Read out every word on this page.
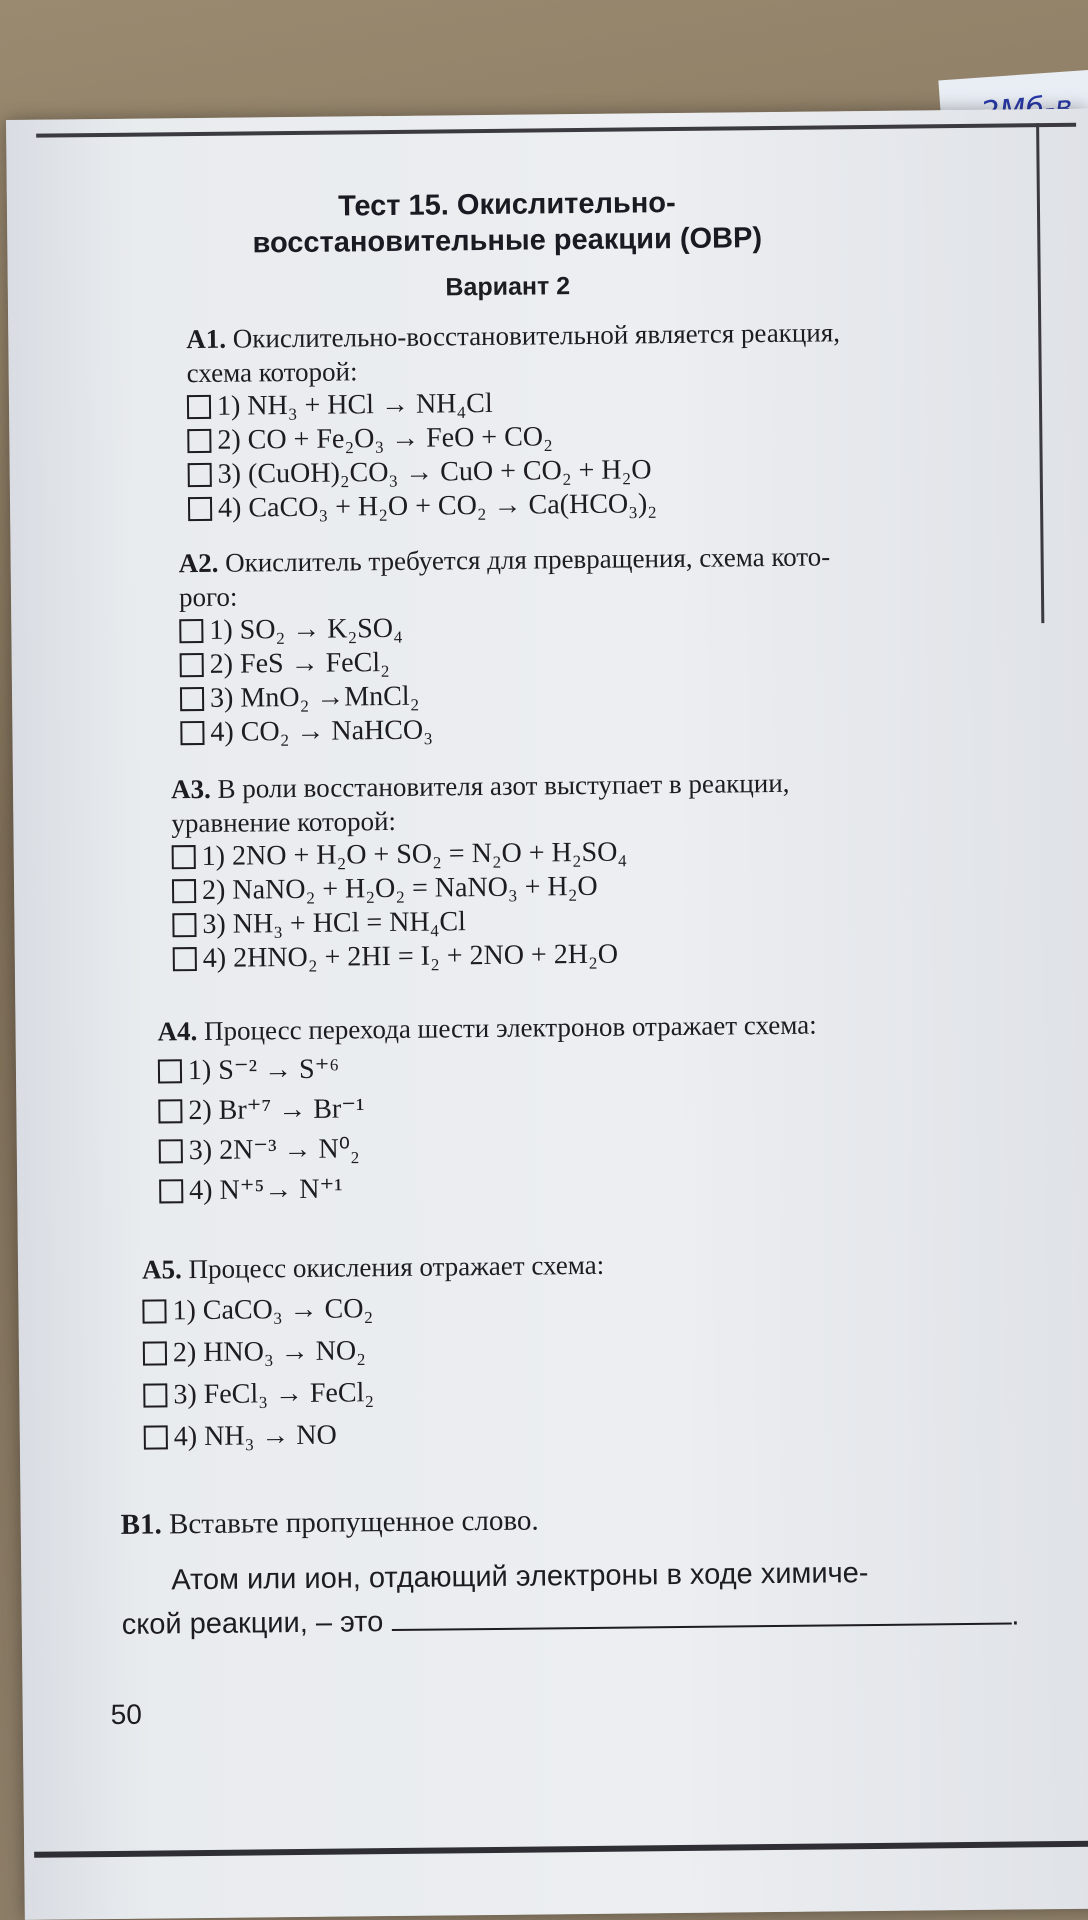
Тест 15. Окислительно-
восстановительные реакции (ОВР)
Вариант 2
А1. Окислительно-восстановительной является реакция,
схема которой:
1) NH₃ + HCl → NH₄Cl
2) CO + Fe₂O₃ → FeO + CO₂
3) (CuOH)₂CO₃ → CuO + CO₂ + H₂O
4) CaCO₃ + H₂O + CO₂ → Ca(HCO₃)₂
А2. Окислитель требуется для превращения, схема кото-
рого:
1) SO₂ → K₂SO₄
2) FeS → FeCl₂
3) MnO₂ →MnCl₂
4) CO₂ → NaHCO₃
А3. В роли восстановителя азот выступает в реакции,
уравнение которой:
1) 2NO + H₂O + SO₂ = N₂O + H₂SO₄
2) NaNO₂ + H₂O₂ = NaNO₃ + H₂O
3) NH₃ + HCl = NH₄Cl
4) 2HNO₂ + 2HI = I₂ + 2NO + 2H₂O
А4. Процесс перехода шести электронов отражает схема:
1) S⁻² → S⁺⁶
2) Br⁺⁷ → Br⁻¹
3) 2N⁻³ → N⁰₂
4) N⁺⁵→ N⁺¹
А5. Процесс окисления отражает схема:
1) CaCO₃ → CO₂
2) HNO₃ → NO₂
3) FeCl₃ → FeCl₂
4) NH₃ → NO
В1. Вставьте пропущенное слово.
Атом или ион, отдающий электроны в ходе химиче-
ской реакции, – это	.
50
